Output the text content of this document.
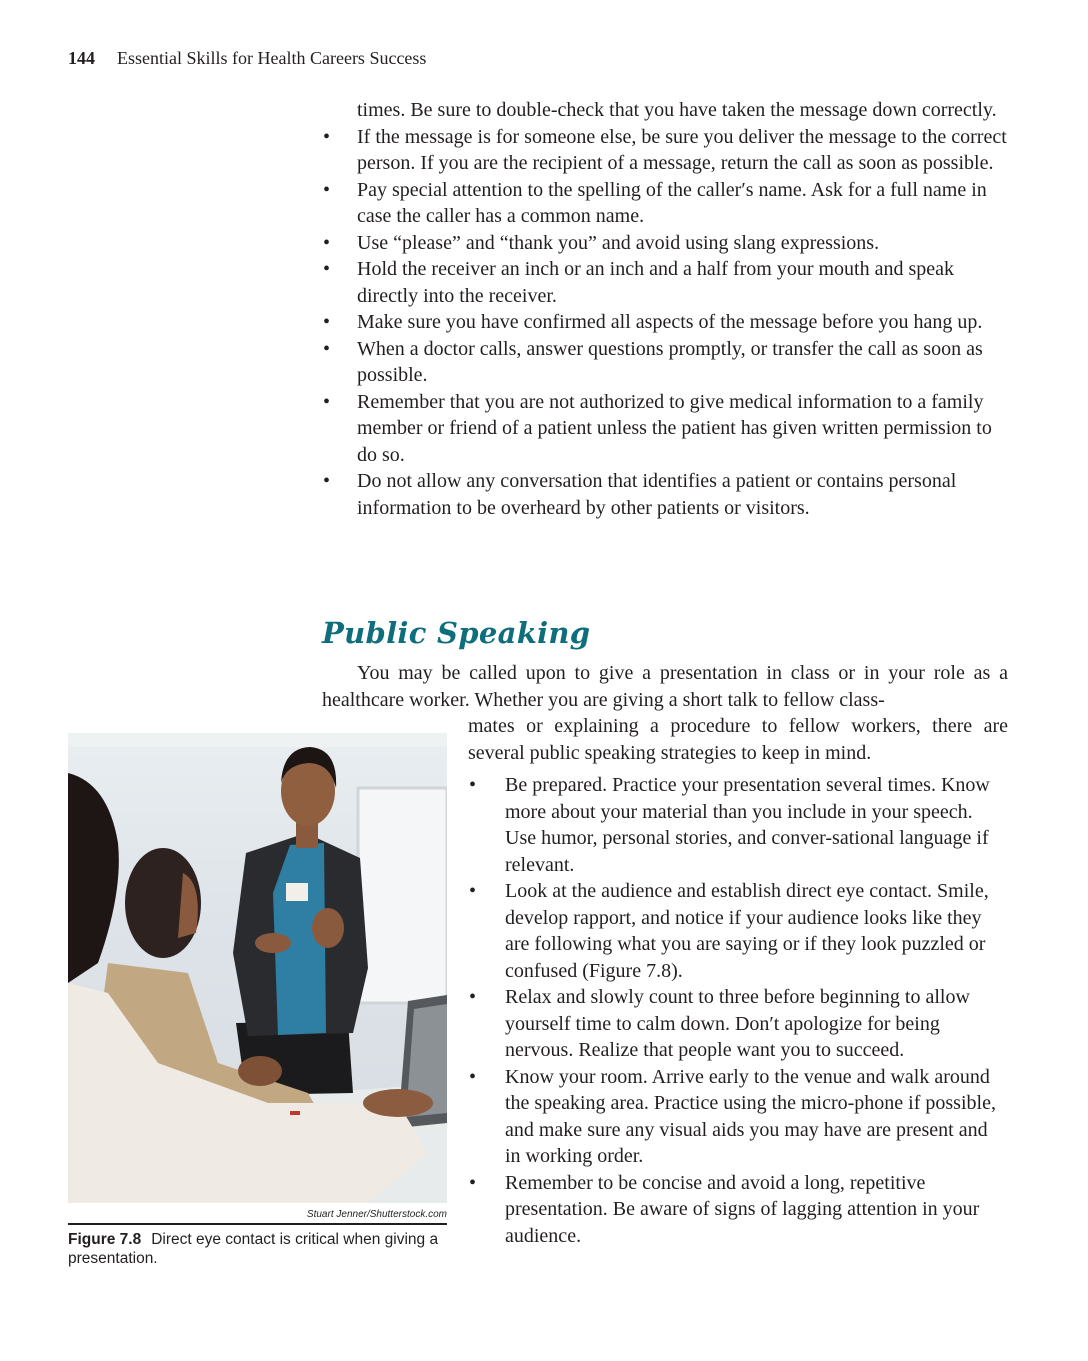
144 Essential Skills for Health Careers Success
times. Be sure to double-check that you have taken the message down correctly.
• If the message is for someone else, be sure you deliver the message to the correct person. If you are the recipient of a message, return the call as soon as possible.
• Pay special attention to the spelling of the caller′s name. Ask for a full name in case the caller has a common name.
• Use “please” and “thank you” and avoid using slang expressions.
• Hold the receiver an inch or an inch and a half from your mouth and speak directly into the receiver.
• Make sure you have confirmed all aspects of the message before you hang up.
• When a doctor calls, answer questions promptly, or transfer the call as soon as possible.
• Remember that you are not authorized to give medical information to a family member or friend of a patient unless the patient has given written permission to do so.
• Do not allow any conversation that identifies a patient or contains personal information to be overheard by other patients or visitors.
Public Speaking
You may be called upon to give a presentation in class or in your role as a healthcare worker. Whether you are giving a short talk to fellow class-
mates or explaining a procedure to fellow workers, there are several public speaking strategies to keep in mind.
• Be prepared. Practice your presentation several times. Know more about your material than you include in your speech. Use humor, personal stories, and conver-sational language if relevant.
• Look at the audience and establish direct eye contact. Smile, develop rapport, and notice if your audience looks like they are following what you are saying or if they look puzzled or confused (Figure 7.8).
• Relax and slowly count to three before beginning to allow yourself time to calm down. Don′t apologize for being nervous. Realize that people want you to succeed.
• Know your room. Arrive early to the venue and walk around the speaking area. Practice using the micro-phone if possible, and make sure any visual aids you may have are present and in working order.
• Remember to be concise and avoid a long, repetitive presentation. Be aware of signs of lagging attention in your audience.
Stuart Jenner/Shutterstock.com
Figure 7.8 Direct eye contact is critical when giving a presentation.
